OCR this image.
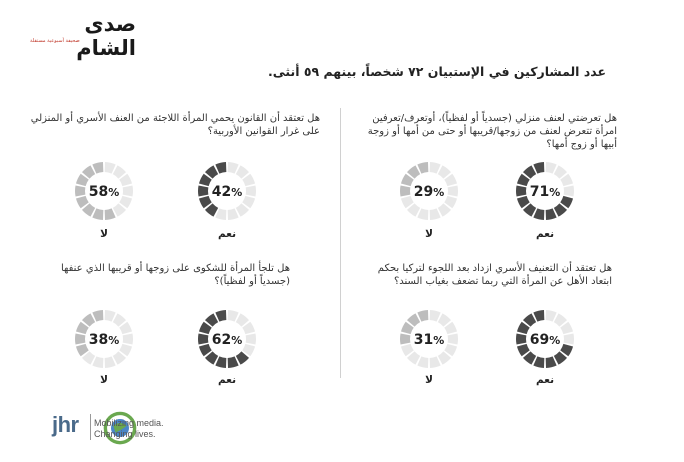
صدى الشام
صحيفة أسبوعية مستقلة
عدد المشاركين في الإستبيان ٧٢ شخصاً، بينهم ٥٩ أنثى.
هل تعرضتي لعنف منزلي (جسدياً أو لفظياً)، أوتعرف/تعرفين امرأة تتعرض لعنف من زوجها/قريبها أو حتى من أمها أو زوجة أبيها أو زوج أمها؟
71%
29%
نعم
لا
هل تعتقد أن القانون يحمي المرأة اللاجئة من العنف الأسري أو المنزلي على غرار القوانين الأوربية؟
42%
58%
نعم
لا
هل تعتقد أن التعنيف الأسري ازداد بعد اللجوء لتركيا بحكم ابتعاد الأهل عن المرأة التي ربما تضعف بغياب السند؟
69%
31%
نعم
لا
هل تلجأ المرأة للشكوى على زوجها أو قريبها الذي عنفها (جسدياً أو لفظياً)؟
62%
38%
نعم
لا
jhr Mobilizing media.
Changing lives.
